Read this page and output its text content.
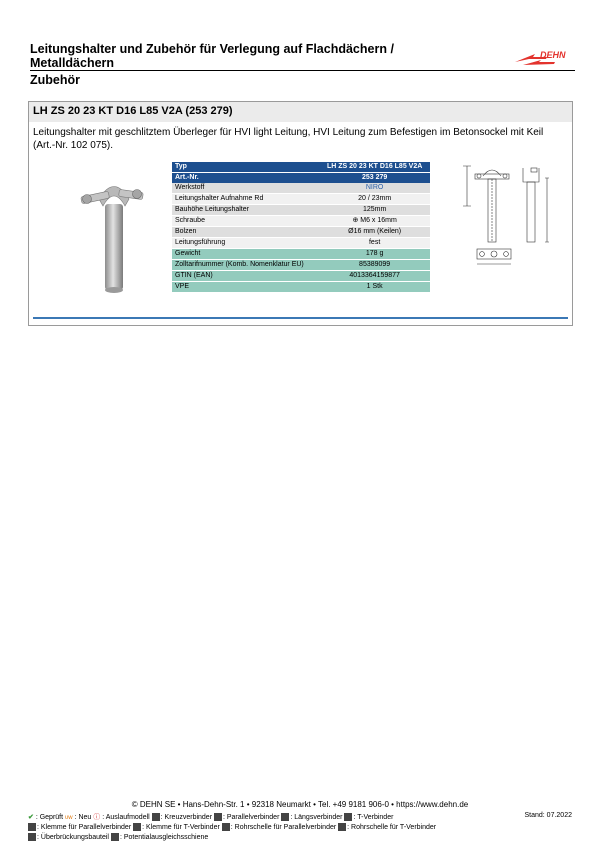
Leitungshalter und Zubehör für Verlegung auf Flachdächern / Metalldächern
DEHN
Zubehör
LH ZS 20 23 KT D16 L85 V2A (253 279)
Leitungshalter mit geschlitztem Überleger für HVI light Leitung, HVI Leitung zum Befestigen im Betonsockel mit Keil (Art.-Nr. 102 075).
Typ	LH ZS 20 23 KT D16 L85 V2A
Art.-Nr.	253 279
Werkstoff	NIRO
Leitungshalter Aufnahme Rd	20 / 23mm
Bauhöhe Leitungshalter	125mm
Schraube	⊕ M6 x 16mm
Bolzen	Ø16 mm (Keilen)
Leitungsführung	fest
Gewicht	178 g
Zolltarifnummer (Komb. Nomenklatur EU)	85389099
GTIN (EAN)	4013364159877
VPE	1 Stk
© DEHN SE • Hans-Dehn-Str. 1 • 92318 Neumarkt • Tel. +49 9181 906-0 • https://www.dehn.de
Stand: 07.2022
✔ : Geprüft ᴜᴡ : Neu ⓘ : Auslaufmodell : Kreuzverbinder : Parallelverbinder : Längsverbinder : T-Verbinder
: Klemme für Parallelverbinder : Klemme für T-Verbinder : Rohrschelle für Parallelverbinder : Rohrschelle für T-Verbinder
: Überbrückungsbauteil : Potentialausgleichsschiene
